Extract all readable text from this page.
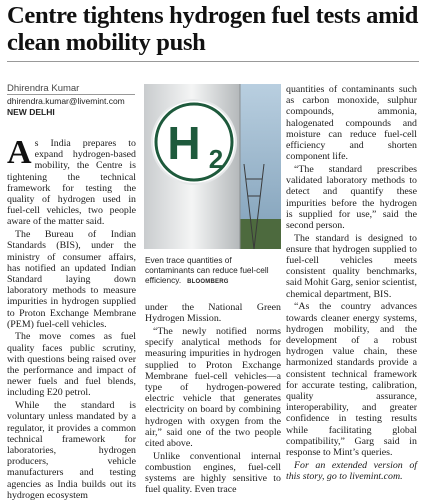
Centre tightens hydrogen fuel tests amid clean mobility push
Dhirendra Kumar
dhirendra.kumar@livemint.com
NEW DELHI

As India prepares to expand hydrogen-based mobility, the Centre is tightening the technical framework for testing the quality of hydrogen used in fuel-cell vehicles, two people aware of the matter said.

The Bureau of Indian Standards (BIS), under the ministry of consumer affairs, has notified an updated Indian Standard laying down laboratory methods to measure impurities in hydrogen supplied to Proton Exchange Membrane (PEM) fuel-cell vehicles.

The move comes as fuel quality faces public scrutiny, with questions being raised over the performance and impact of newer fuels and fuel blends, including E20 petrol.

While the standard is voluntary unless mandated by a regulator, it provides a common technical framework for laboratories, hydrogen producers, vehicle manufacturers and testing agencies as India builds out its hydrogen ecosystem

H 2
Even trace quantities of contaminants can reduce fuel-cell efficiency. BLOOMBERG

under the National Green Hydrogen Mission.

“The newly notified norms specify analytical methods for measuring impurities in hydrogen supplied to Proton Exchange Membrane fuel-cell vehicles—a type of hydrogen-powered electric vehicle that generates electricity on board by combining hydrogen with oxygen from the air,” said one of the two people cited above.

Unlike conventional internal combustion engines, fuel-cell systems are highly sensitive to fuel quality. Even trace

quantities of contaminants such as carbon monoxide, sulphur compounds, ammonia, halogenated compounds and moisture can reduce fuel-cell efficiency and shorten component life.

“The standard prescribes validated laboratory methods to detect and quantify these impurities before the hydrogen is supplied for use,” said the second person.

The standard is designed to ensure that hydrogen supplied to fuel-cell vehicles meets consistent quality benchmarks, said Mohit Garg, senior scientist, chemical department, BIS.

“As the country advances towards cleaner energy systems, hydrogen mobility, and the development of a robust hydrogen value chain, these harmonized standards provide a consistent technical framework for accurate testing, calibration, quality assurance, interoperability, and greater confidence in testing results while facilitating global compatibility,” Garg said in response to Mint’s queries.

For an extended version of this story, go to livemint.com.
